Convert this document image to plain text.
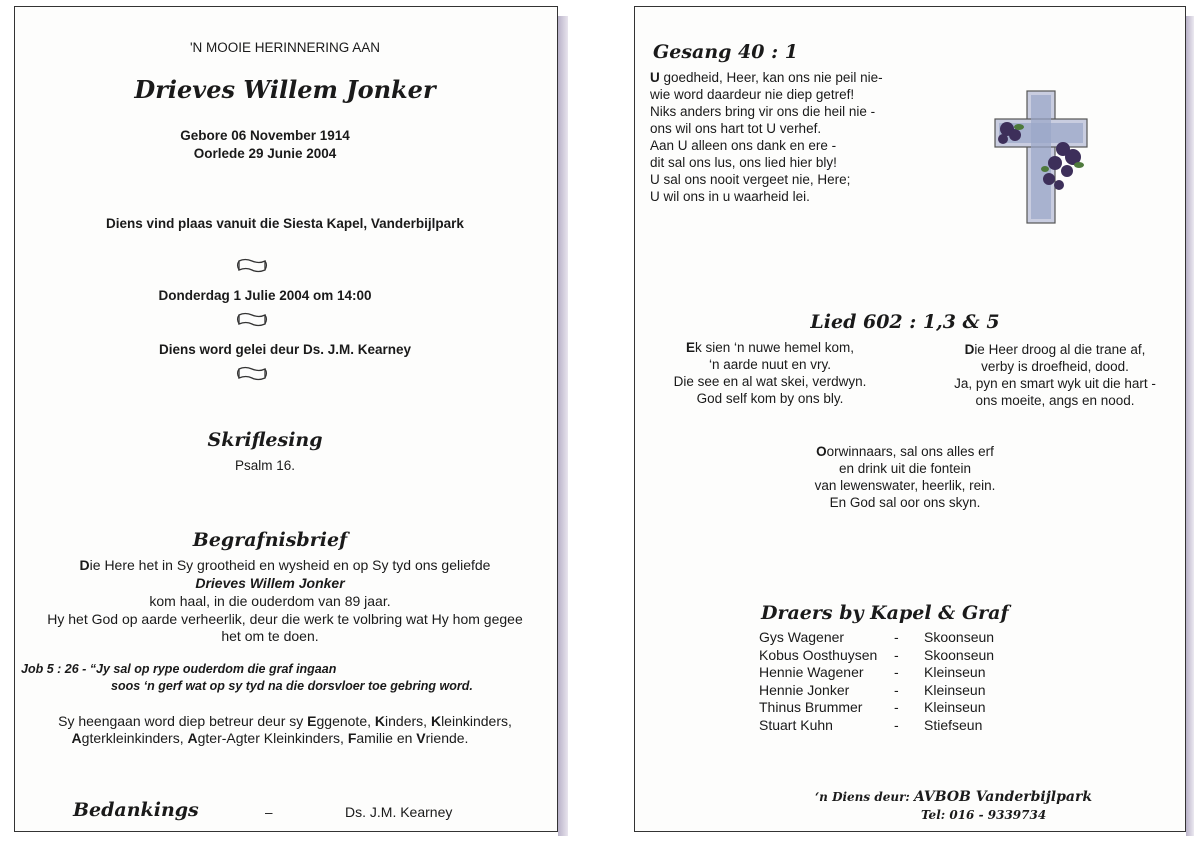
'N MOOIE HERINNERING AAN
Drieves Willem Jonker
Gebore 06 November 1914
Oorlede 29 Junie 2004
Diens vind plaas vanuit die Siesta Kapel, Vanderbijlpark
Donderdag 1 Julie 2004 om 14:00
Diens word gelei deur Ds. J.M. Kearney
Skriflesing
Psalm 16.
Begrafnisbrief
Die Here het in Sy grootheid en wysheid en op Sy tyd ons geliefde
Drieves Willem Jonker
kom haal, in die ouderdom van 89 jaar.
Hy het God op aarde verheerlik, deur die werk te volbring wat Hy hom gegee
het om te doen.
Job 5 : 26 - “Jy sal op rype ouderdom die graf ingaan
soos ‘n gerf wat op sy tyd na die dorsvloer toe gebring word.
Sy heengaan word diep betreur deur sy Eggenote, Kinders, Kleinkinders,
Agterkleinkinders, Agter-Agter Kleinkinders, Familie en Vriende.
Bedankings	–	Ds. J.M. Kearney
Gesang 40 : 1
U goedheid, Heer, kan ons nie peil nie-
wie word daardeur nie diep getref!
Niks anders bring vir ons die heil nie -
ons wil ons hart tot U verhef.
Aan U alleen ons dank en ere -
dit sal ons lus, ons lied hier bly!
U sal ons nooit vergeet nie, Here;
U wil ons in u waarheid lei.
Lied 602 : 1,3 & 5
Ek sien ‘n nuwe hemel kom,
‘n aarde nuut en vry.
Die see en al wat skei, verdwyn.
God self kom by ons bly.
Die Heer droog al die trane af,
verby is droefheid, dood.
Ja, pyn en smart wyk uit die hart -
ons moeite, angs en nood.
Oorwinnaars, sal ons alles erf
en drink uit die fontein
van lewenswater, heerlik, rein.
En God sal oor ons skyn.
Draers by Kapel & Graf
Gys Wagener	-	Skoonseun
Kobus Oosthuysen	-	Skoonseun
Hennie Wagener	-	Kleinseun
Hennie Jonker	-	Kleinseun
Thinus Brummer	-	Kleinseun
Stuart Kuhn	-	Stiefseun
‘n Diens deur: AVBOB Vanderbijlpark
Tel: 016 - 9339734
